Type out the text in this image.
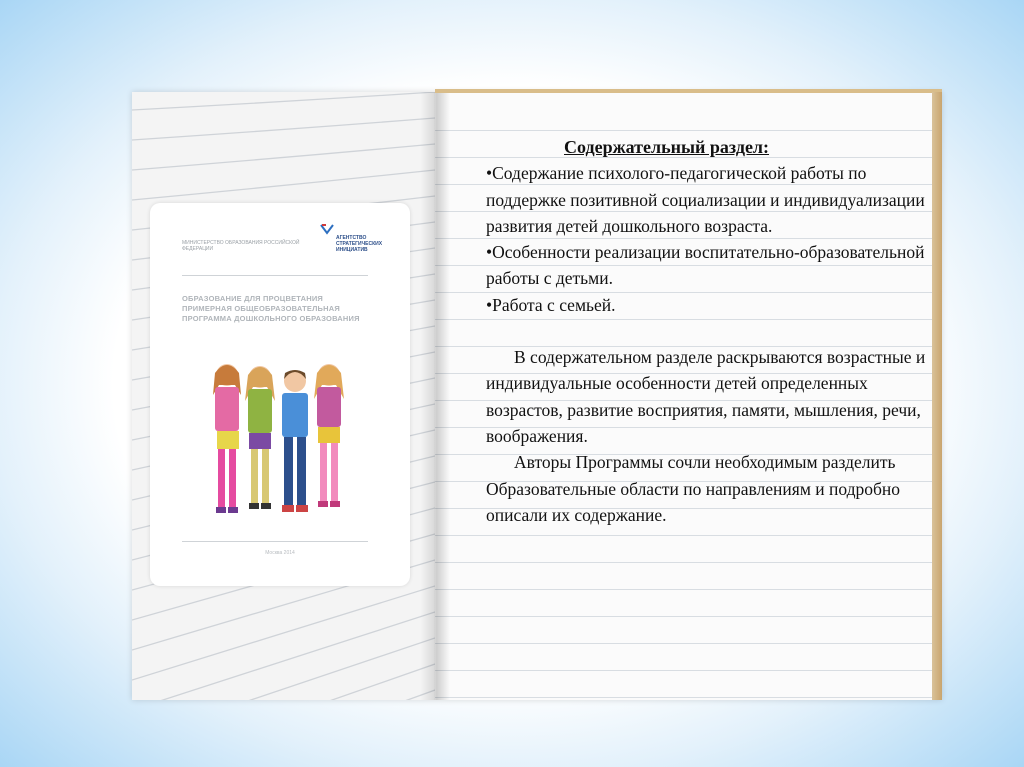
МИНИСТЕРСТВО ОБРАЗОВАНИЯ РОССИЙСКОЙ ФЕДЕРАЦИИ
АГЕНТСТВО СТРАТЕГИЧЕСКИХ ИНИЦИАТИВ
ОБРАЗОВАНИЕ ДЛЯ ПРОЦВЕТАНИЯ ПРИМЕРНАЯ ОБЩЕОБРАЗОВАТЕЛЬНАЯ ПРОГРАММА ДОШКОЛЬНОГО ОБРАЗОВАНИЯ
Москва 2014
Содержательный раздел:

•Содержание психолого-педагогической работы по поддержке позитивной социализации и индивидуализации развития детей дошкольного возраста.

•Особенности реализации воспитательно-образовательной работы с детьми.

•Работа с семьей.

В содержательном разделе раскрываются возрастные и индивидуальные особенности детей определенных возрастов, развитие восприятия, памяти, мышления, речи, воображения.

Авторы Программы сочли необходимым разделить Образовательные области по направлениям и подробно описали их содержание.
